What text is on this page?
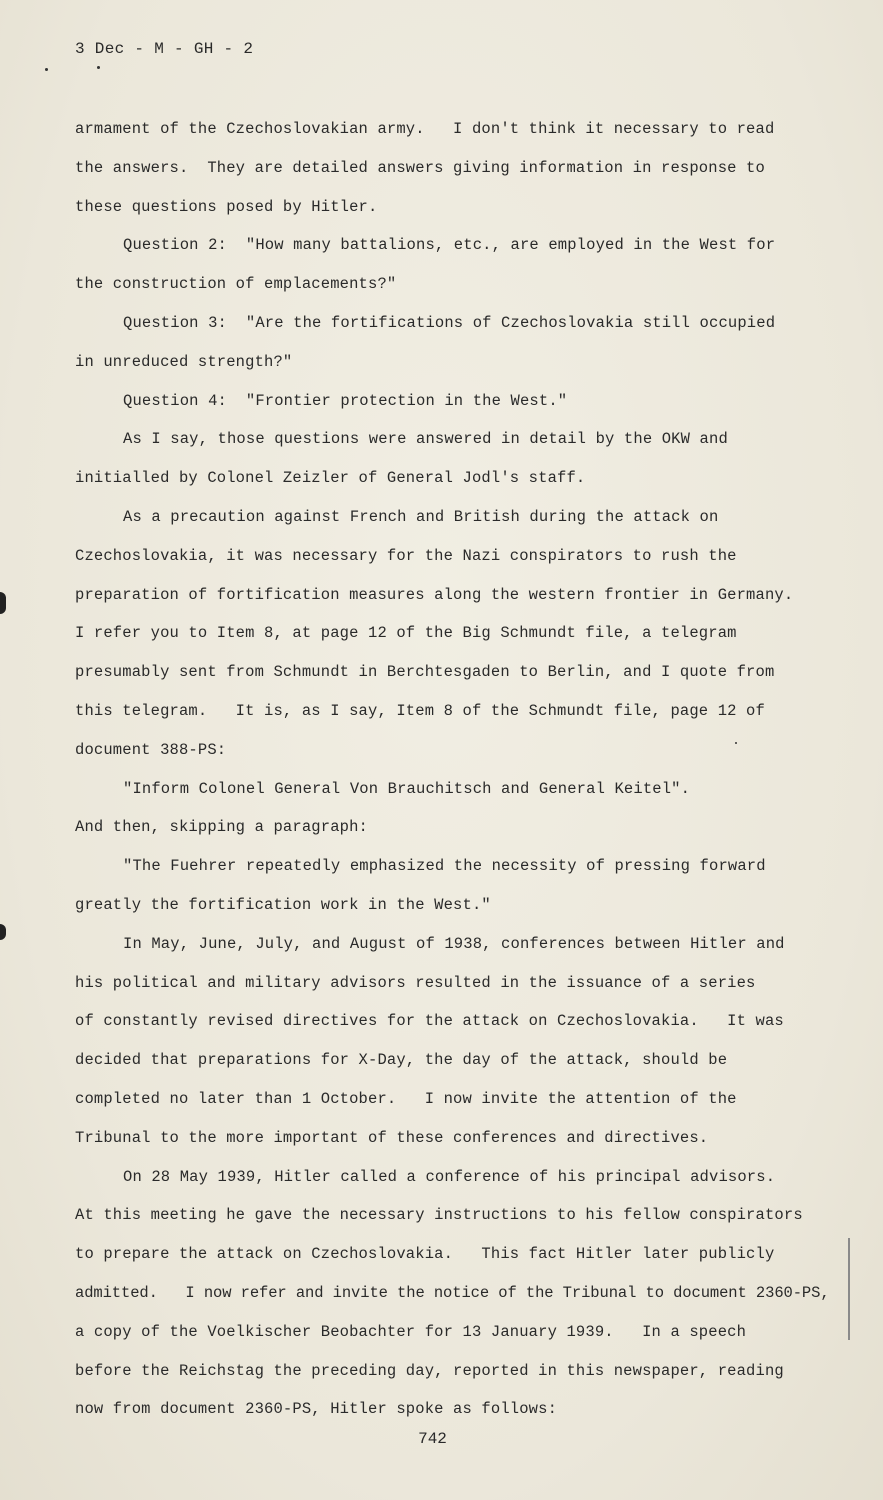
3 Dec - M - GH - 2
armament of the Czechoslovakian army.   I don't think it necessary to read
the answers.  They are detailed answers giving information in response to
these questions posed by Hitler.
Question 2:  "How many battalions, etc., are employed in the West for
the construction of emplacements?"
Question 3:  "Are the fortifications of Czechoslovakia still occupied
in unreduced strength?"
Question 4:  "Frontier protection in the West."
As I say, those questions were answered in detail by the OKW and
initialled by Colonel Zeizler of General Jodl's staff.
As a precaution against French and British during the attack on
Czechoslovakia, it was necessary for the Nazi conspirators to rush the
preparation of fortification measures along the western frontier in Germany.
I refer you to Item 8, at page 12 of the Big Schmundt file, a telegram
presumably sent from Schmundt in Berchtesgaden to Berlin, and I quote from
this telegram.   It is, as I say, Item 8 of the Schmundt file, page 12 of
document 388-PS:
"Inform Colonel General Von Brauchitsch and General Keitel".
And then, skipping a paragraph:
"The Fuehrer repeatedly emphasized the necessity of pressing forward
greatly the fortification work in the West."
In May, June, July, and August of 1938, conferences between Hitler and
his political and military advisors resulted in the issuance of a series
of constantly revised directives for the attack on Czechoslovakia.   It was
decided that preparations for X-Day, the day of the attack, should be
completed no later than 1 October.   I now invite the attention of the
Tribunal to the more important of these conferences and directives.
On 28 May 1939, Hitler called a conference of his principal advisors.
At this meeting he gave the necessary instructions to his fellow conspirators
to prepare the attack on Czechoslovakia.   This fact Hitler later publicly
admitted.   I now refer and invite the notice of the Tribunal to document 2360-PS,
a copy of the Voelkischer Beobachter for 13 January 1939.   In a speech
before the Reichstag the preceding day, reported in this newspaper, reading
now from document 2360-PS, Hitler spoke as follows:
742
